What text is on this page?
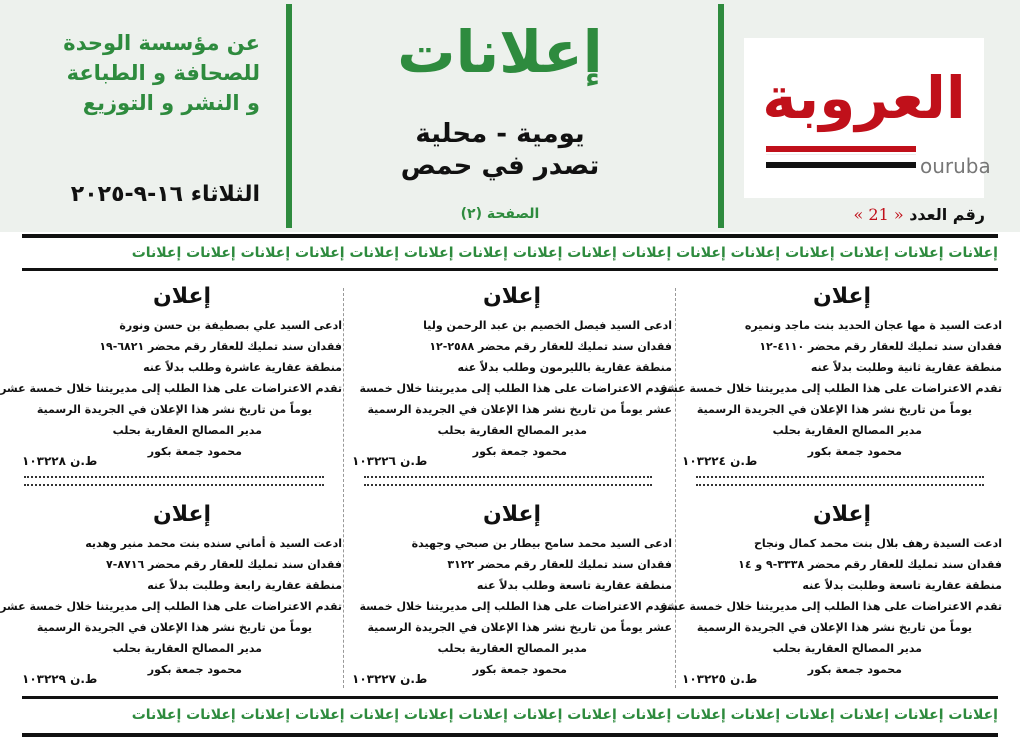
العروبة
ouruba
رقم العدد « 21 »
إعلانات
يومية - محلية
تصدر في حمص
الصفحة (٢)
عن مؤسسة الوحدة
للصحافة و الطباعة
و النشر و التوزيع
الثلاثاء ١٦-٩-٢٠٢٥
إعلانات إعلانات إعلانات إعلانات إعلانات إعلانات إعلانات إعلانات إعلانات إعلانات إعلانات إعلانات إعلانات إعلانات إعلانات إعلانات
إعلان
ادعت السيد ة مها عجان الحديد بنت ماجد ونميره
فقدان سند تمليك للعقار رقم محضر ٤١١٠-١٢
منطقة عقارية ثانية وطلبت بدلاً عنه
تقدم الاعتراضات على هذا الطلب إلى مديريتنا خلال خمسة عشر
يوماً من تاريخ نشر هذا الإعلان في الجريدة الرسمية
مدير المصالح العقارية بحلب
محمود جمعة بكور
ط.ن ١٠٣٢٢٤
إعلان
ادعى السيد فيصل الخصيم بن عبد الرحمن وليا
فقدان سند تمليك للعقار رقم محضر ٢٥٨٨-١٢
منطقة عقارية بالليرمون وطلب بدلاً عنه
تقدم الاعتراضات على هذا الطلب إلى مديريتنا خلال خمسة
عشر يوماً من تاريخ نشر هذا الإعلان في الجريدة الرسمية
مدير المصالح العقارية بحلب
محمود جمعة بكور
ط.ن ١٠٣٢٢٦
إعلان
ادعى السيد علي بصطيفة بن حسن ونورة
فقدان سند تمليك للعقار رقم محضر ٦٨٢١-١٩
منطقة عقارية عاشرة وطلب بدلاً عنه
تقدم الاعتراضات على هذا الطلب إلى مديريتنا خلال خمسة عشر
يوماً من تاريخ نشر هذا الإعلان في الجريدة الرسمية
مدير المصالح العقارية بحلب
محمود جمعة بكور
ط.ن ١٠٣٢٢٨
إعلان
ادعت السيدة رهف بلال بنت محمد كمال ونجاح
فقدان سند تمليك للعقار رقم محضر ٣٣٣٨-٩ و ١٤
منطقة عقارية تاسعة وطلبت بدلاً عنه
تقدم الاعتراضات على هذا الطلب إلى مديريتنا خلال خمسة عشر
يوماً من تاريخ نشر هذا الإعلان في الجريدة الرسمية
مدير المصالح العقارية بحلب
محمود جمعة بكور
ط.ن ١٠٣٢٢٥
إعلان
ادعى السيد محمد سامح بيطار بن صبحي وجهيدة
فقدان سند تمليك للعقار رقم محضر ٣١٢٢
منطقة عقارية تاسعة وطلب بدلاً عنه
تقدم الاعتراضات على هذا الطلب إلى مديريتنا خلال خمسة
عشر يوماً من تاريخ نشر هذا الإعلان في الجريدة الرسمية
مدير المصالح العقارية بحلب
محمود جمعة بكور
ط.ن ١٠٣٢٢٧
إعلان
ادعت السيد ة أماني سنده بنت محمد منير وهديه
فقدان سند تمليك للعقار رقم محضر ٨٧١٦-٧
منطقة عقارية رابعة وطلبت بدلاً عنه
تقدم الاعتراضات على هذا الطلب إلى مديريتنا خلال خمسة عشر
يوماً من تاريخ نشر هذا الإعلان في الجريدة الرسمية
مدير المصالح العقارية بحلب
محمود جمعة بكور
ط.ن ١٠٣٢٢٩
إعلانات إعلانات إعلانات إعلانات إعلانات إعلانات إعلانات إعلانات إعلانات إعلانات إعلانات إعلانات إعلانات إعلانات إعلانات إعلانات
